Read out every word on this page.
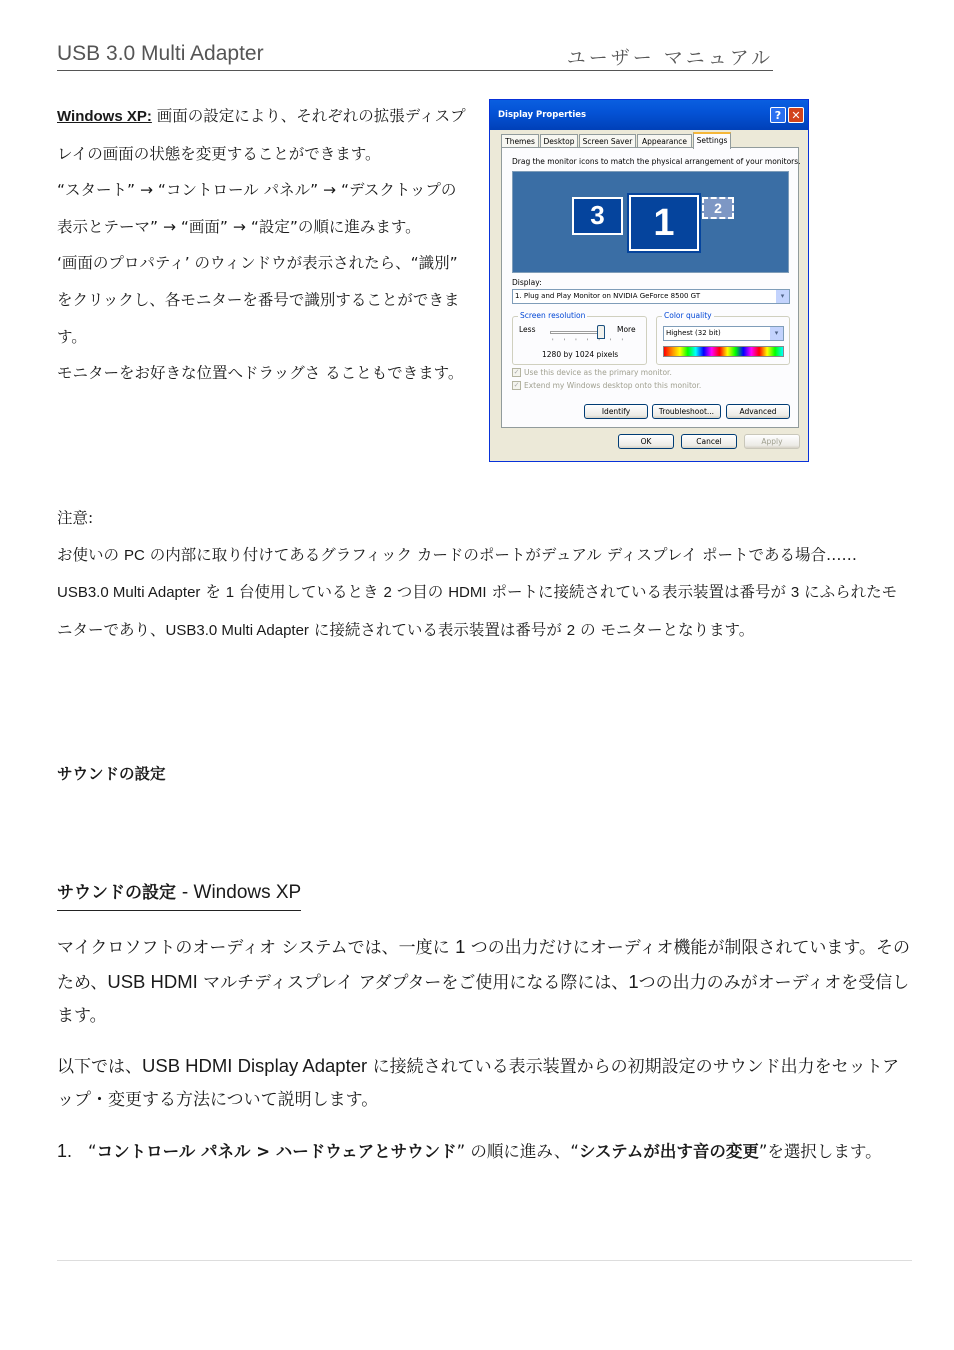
USB 3.0 Multi Adapter	ユーザー マニュアル

Windows XP: 画面の設定により、それぞれの拡張ディスプレイの画面の状態を変更することができます。

“スタート” → “コントロール パネル” → “デスクトップの表示とテーマ” → “画面” → “設定”の順に進みます。

‘画面のプロパティ’ のウィンドウが表示されたら、“識別” をクリックし、各モニターを番号で識別することができます。

モニターをお好きな位置へドラッグさ ることもできます。

注意:

お使いの PC の内部に取り付けてあるグラフィック カードのポートがデュアル ディスプレイ ポートである場合……

USB3.0 Multi Adapter を 1 台使用しているとき 2 つ目の HDMI ポートに接続されている表示装置は番号が 3 にふられたモニターであり、USB3.0 Multi Adapter に接続されている表示装置は番号が 2 の モニターとなります。

サウンドの設定
サウンドの設定 - Windows XP
マイクロソフトのオーディオ システムでは、一度に 1 つの出力だけにオーディオ機能が制限されています。そのため、USB HDMI マルチディスプレイ アダプターをご使用になる際には、1つの出力のみがオーディオを受信します。
以下では、USB HDMI Display Adapter に接続されている表示装置からの初期設定のサウンド出力をセットアップ・変更する方法について説明します。
1. “コントロール パネル > ハードウェアとサウンド” の順に進み、“システムが出す音の変更”を選択します。
Display Properties	? ✕
Themes	Desktop	Screen Saver	Appearance	Settings
Drag the monitor icons to match the physical arrangement of your monitors.
3	1	2
Display:
1. Plug and Play Monitor on NVIDIA GeForce 8500 GT	▾
Screen resolution
Less	More
' ' ' ' ' ' '
1280 by 1024 pixels
Color quality
Highest (32 bit)	▾
✓ Use this device as the primary monitor.
✓ Extend my Windows desktop onto this monitor.
Identify	Troubleshoot...	Advanced
OK	Cancel	Apply
